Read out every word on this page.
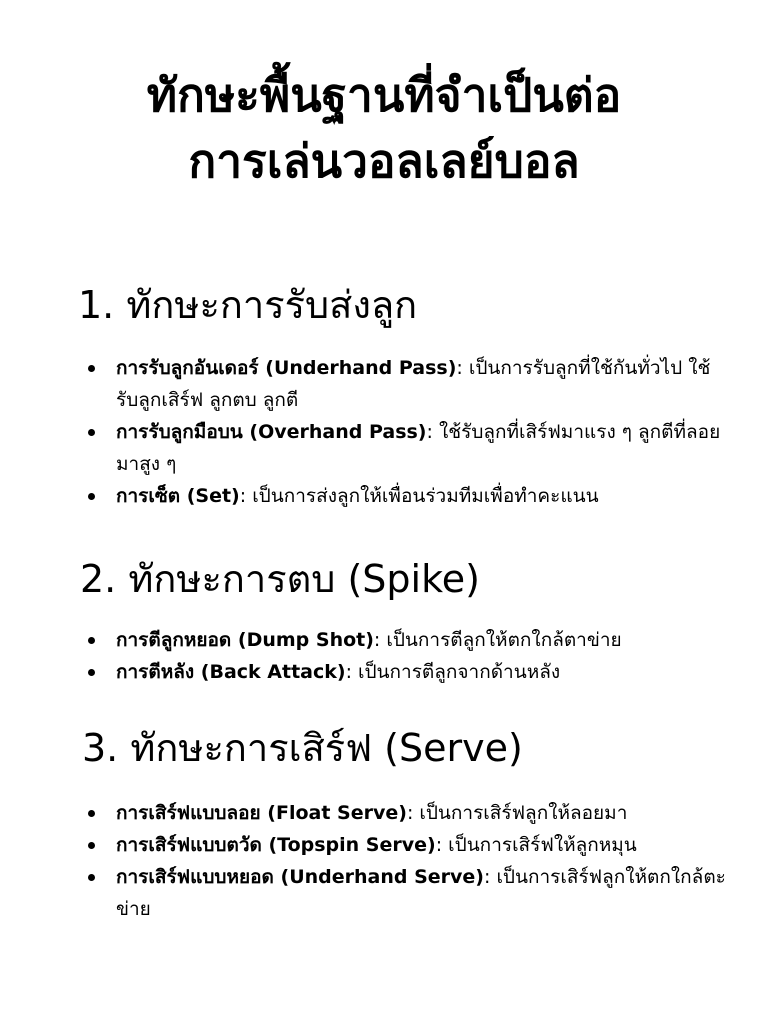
ทักษะพื้นฐานที่จำเป็นต่อ
การเล่นวอลเลย์บอล
1. ทักษะการรับส่งลูก
การรับลูกอันเดอร์ (Underhand Pass): เป็นการรับลูกที่ใช้กันทั่วไป ใช้รับลูกเสิร์ฟ ลูกตบ ลูกตี
การรับลูกมือบน (Overhand Pass): ใช้รับลูกที่เสิร์ฟมาแรง ๆ ลูกตีที่ลอยมาสูง ๆ
การเซ็ต (Set): เป็นการส่งลูกให้เพื่อนร่วมทีมเพื่อทำคะแนน
2. ทักษะการตบ (Spike)
การตีลูกหยอด (Dump Shot): เป็นการตีลูกให้ตกใกล้ตาข่าย
การตีหลัง (Back Attack): เป็นการตีลูกจากด้านหลัง
3. ทักษะการเสิร์ฟ (Serve)
การเสิร์ฟแบบลอย (Float Serve): เป็นการเสิร์ฟลูกให้ลอยมา
การเสิร์ฟแบบตวัด (Topspin Serve): เป็นการเสิร์ฟให้ลูกหมุน
การเสิร์ฟแบบหยอด (Underhand Serve): เป็นการเสิร์ฟลูกให้ตกใกล้ตะข่าย
